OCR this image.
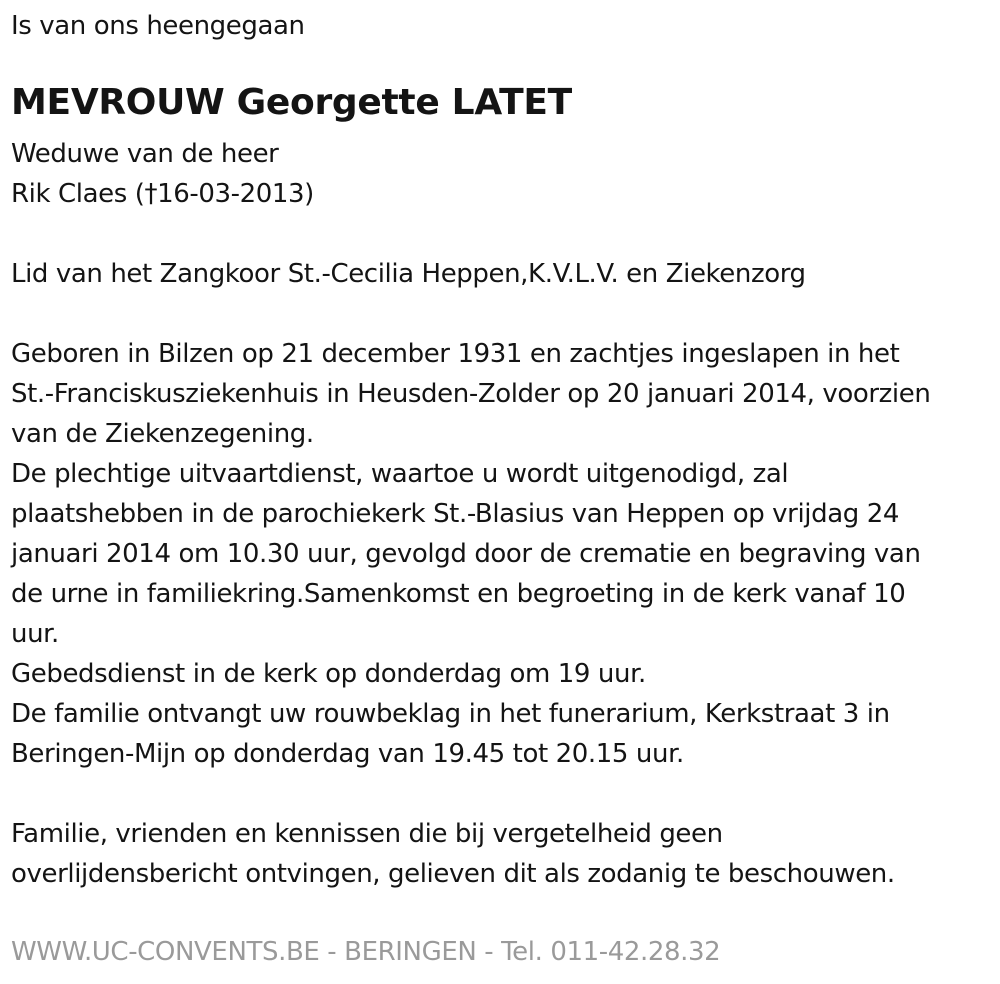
Is van ons heengegaan

MEVROUW Georgette LATET

Weduwe van de heer

Rik Claes (†16-03-2013)

Lid van het Zangkoor St.-Cecilia Heppen,K.V.L.V. en Ziekenzorg

Geboren in Bilzen op 21 december 1931 en zachtjes ingeslapen in het

St.-Franciskusziekenhuis in Heusden-Zolder op 20 januari 2014, voorzien

van de Ziekenzegening.

De plechtige uitvaartdienst, waartoe u wordt uitgenodigd, zal

plaatshebben in de parochiekerk St.-Blasius van Heppen op vrijdag 24

januari 2014 om 10.30 uur, gevolgd door de crematie en begraving van

de urne in familiekring.Samenkomst en begroeting in de kerk vanaf 10

uur.

Gebedsdienst in de kerk op donderdag om 19 uur.

De familie ontvangt uw rouwbeklag in het funerarium, Kerkstraat 3 in

Beringen-Mijn op donderdag van 19.45 tot 20.15 uur.

Familie, vrienden en kennissen die bij vergetelheid geen

overlijdensbericht ontvingen, gelieven dit als zodanig te beschouwen.

WWW.UC-CONVENTS.BE - BERINGEN - Tel. 011-42.28.32
